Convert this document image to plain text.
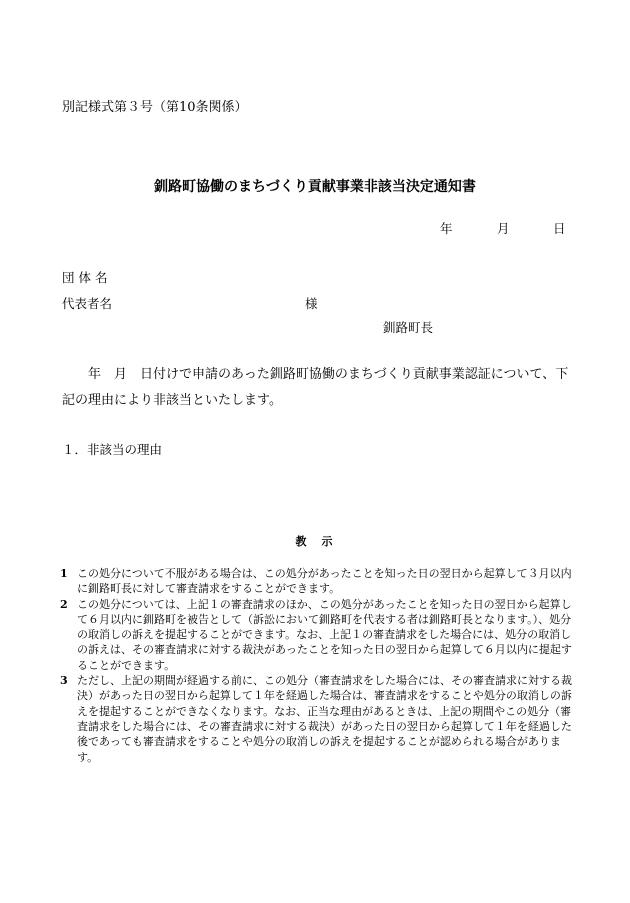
別記様式第３号（第10条関係）
釧路町協働のまちづくり貢献事業非該当決定通知書
年	月	日
団 体 名
代表者名	様
釧路町長
　　年　月　日付けで申請のあった釧路町協働のまちづくり貢献事業認証について、下記の理由により非該当といたします。
１．非該当の理由
教　示
1 この処分について不服がある場合は、この処分があったことを知った日の翌日から起算して３月以内に釧路町長に対して審査請求をすることができます。
2 この処分については、上記１の審査請求のほか、この処分があったことを知った日の翌日から起算して６月以内に釧路町を被告として（訴訟において釧路町を代表する者は釧路町長となります。）、処分の取消しの訴えを提起することができます。なお、上記１の審査請求をした場合には、処分の取消しの訴えは、その審査請求に対する裁決があったことを知った日の翌日から起算して６月以内に提起することができます。
3 ただし、上記の期間が経過する前に、この処分（審査請求をした場合には、その審査請求に対する裁決）があった日の翌日から起算して１年を経過した場合は、審査請求をすることや処分の取消しの訴えを提起することができなくなります。なお、正当な理由があるときは、上記の期間やこの処分（審査請求をした場合には、その審査請求に対する裁決）があった日の翌日から起算して１年を経過した後であっても審査請求をすることや処分の取消しの訴えを提起することが認められる場合があります。
